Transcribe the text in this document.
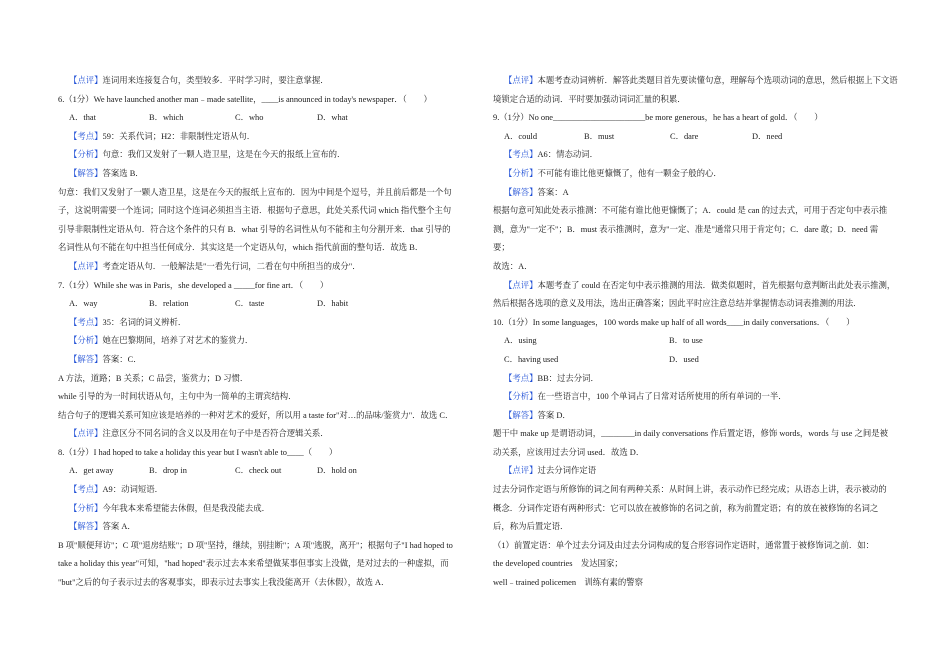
【点评】连词用来连接复合句，类型较多．平时学习时，要注意掌握．
6.（1分）We have launched another man﹣made satellite，____is announced in today's newspaper．（　　）
A．that	B．which	C．who	D．what
【考点】59：关系代词；H2：非限制性定语从句．
【分析】句意：我们又发射了一颗人造卫星，这是在今天的报纸上宣布的．
【解答】答案选 B．
句意：我们又发射了一颗人造卫星，这是在今天的报纸上宣布的．因为中间是个逗号，并且前后都是一个句
子，这说明需要一个连词；同时这个连词必须担当主语．根据句子意思，此处关系代词 which 指代整个主句
引导非限制性定语从句．符合这个条件的只有 B．what 引导的名词性从句不能和主句分割开来．that 引导的
名词性从句不能在句中担当任何成分．其实这是一个定语从句，which 指代前面的整句话．故选 B．
【点评】考查定语从句．一般解法是"一看先行词，二看在句中所担当的成分"．
7.（1分）While she was in Paris，she developed a _____for fine art．（　　）
A．way	B．relation	C．taste	D．habit
【考点】35：名词的词义辨析．
【分析】她在巴黎期间，培养了对艺术的鉴赏力．
【解答】答案：C．
A 方法，道路；B 关系；C 品尝，鉴赏力；D 习惯．
while 引导的为一时间状语从句，主句中为一简单的主谓宾结构．
结合句子的逻辑关系可知应该是培养的一种对艺术的爱好，所以用 a taste for"对…的品味/鉴赏力"．故选 C．
【点评】注意区分不同名词的含义以及用在句子中是否符合逻辑关系．
8.（1分）I had hoped to take a holiday this year but I wasn't able to____（　　）
A．get away	B．drop in	C．check out	D．hold on
【考点】A9：动词短语．
【分析】今年我本来希望能去休假，但是我没能去成．
【解答】答案 A．
B 项"顺便拜访"；C 项"退房结账"；D 项"坚持，继续，别挂断"；A 项"逃脱，离开"；根据句子"I had hoped to
take a holiday this year"可知，"had hoped"表示过去本来希望做某事但事实上没做，是对过去的一种虚拟，而
"but"之后的句子表示过去的客观事实，即表示过去事实上我没能离开（去休假），故选 A．
【点评】本题考查动词辨析．解答此类题目首先要读懂句意，理解每个选项动词的意思，然后根据上下文语
境锁定合适的动词．平时要加强动词词汇量的积累．
9.（1分）No one______________________be more generous，he has a heart of gold．（　　）
A．could	B．must	C．dare	D．need
【考点】A6：情态动词．
【分析】不可能有谁比他更慷慨了，他有一颗金子般的心．
【解答】答案：A
根据句意可知此处表示推测：不可能有谁比他更慷慨了；A．could 是 can 的过去式，可用于否定句中表示推
测，意为"一定不"；B．must 表示推测时，意为"一定、准是"通常只用于肯定句；C．dare 敢；D．need 需
要；
故选：A．
【点评】本题考查了 could 在否定句中表示推测的用法．做类似题时，首先根据句意判断出此处表示推测，
然后根据各选项的意义及用法，选出正确答案；因此平时应注意总结并掌握情态动词表推测的用法．
10.（1分）In some languages，100 words make up half of all words____in daily conversations．（　　）
A．using	B．to use
C．having used	D．used
【考点】BB：过去分词．
【分析】在一些语言中，100 个单词占了日常对话所使用的所有单词的一半．
【解答】答案 D．
题干中 make up 是谓语动词，________in daily conversations 作后置定语，修饰 words，words 与 use 之间是被
动关系，应该用过去分词 used．故选 D．
【点评】过去分词作定语
过去分词作定语与所修饰的词之间有两种关系：从时间上讲，表示动作已经完成；从语态上讲，表示被动的
概念．分词作定语有两种形式：它可以放在被修饰的名词之前，称为前置定语；有的放在被修饰的名词之
后，称为后置定语．
（1）前置定语：单个过去分词及由过去分词构成的复合形容词作定语时，通常置于被修饰词之前．如：
the developed countries　发达国家；
well﹣trained policemen　训练有素的警察
